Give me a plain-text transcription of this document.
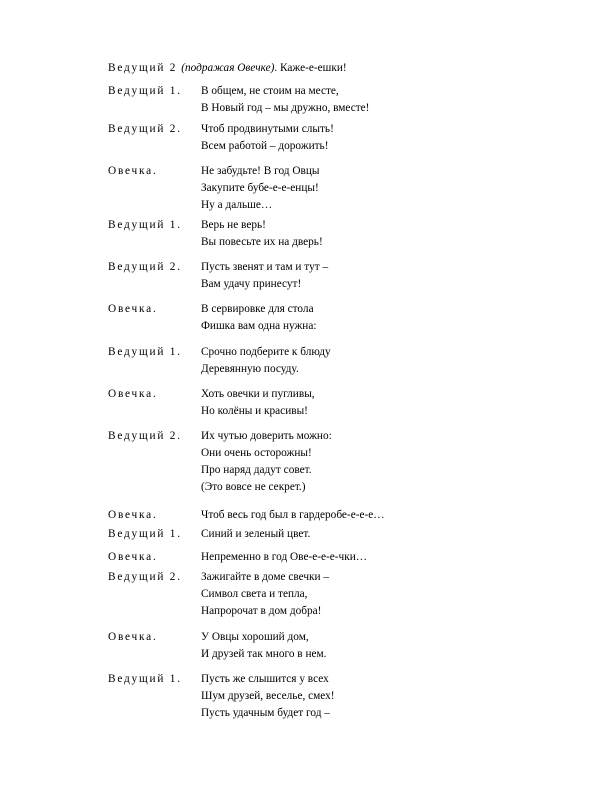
Ведущий 2 (подражая Овечке). Каже-е-ешки!
Ведущий 1. В общем, не стоим на месте,
В Новый год – мы дружно, вместе!
Ведущий 2. Чтоб продвинутыми слыть!
Всем работой – дорожить!
Овечка.	Не забудьте! В год Овцы
Закупите бубе-е-е-енцы!
Ну а дальше…
Ведущий 1. Верь не верь!
Вы повесьте их на дверь!
Ведущий 2. Пусть звенят и там и тут –
Вам удачу принесут!
Овечка.	В сервировке для стола
Фишка вам одна нужна:
Ведущий 1. Срочно подберите к блюду
Деревянную посуду.
Овечка.	Хоть овечки и пугливы,
Но колёны и красивы!
Ведущий 2. Их чутью доверить можно:
Они очень осторожны!
Про наряд дадут совет.
(Это вовсе не секрет.)
Овечка.	Чтоб весь год был в гардеробе-е-е-е…
Ведущий 1. Синий и зеленый цвет.
Овечка.	Непременно в год Ове-е-е-е-чки…
Ведущий 2. Зажигайте в доме свечки –
Символ света и тепла,
Напророчат в дом добра!
Овечка.	У Овцы хороший дом,
И друзей так много в нем.
Ведущий 1. Пусть же слышится у всех
Шум друзей, веселье, смех!
Пусть удачным будет год –
